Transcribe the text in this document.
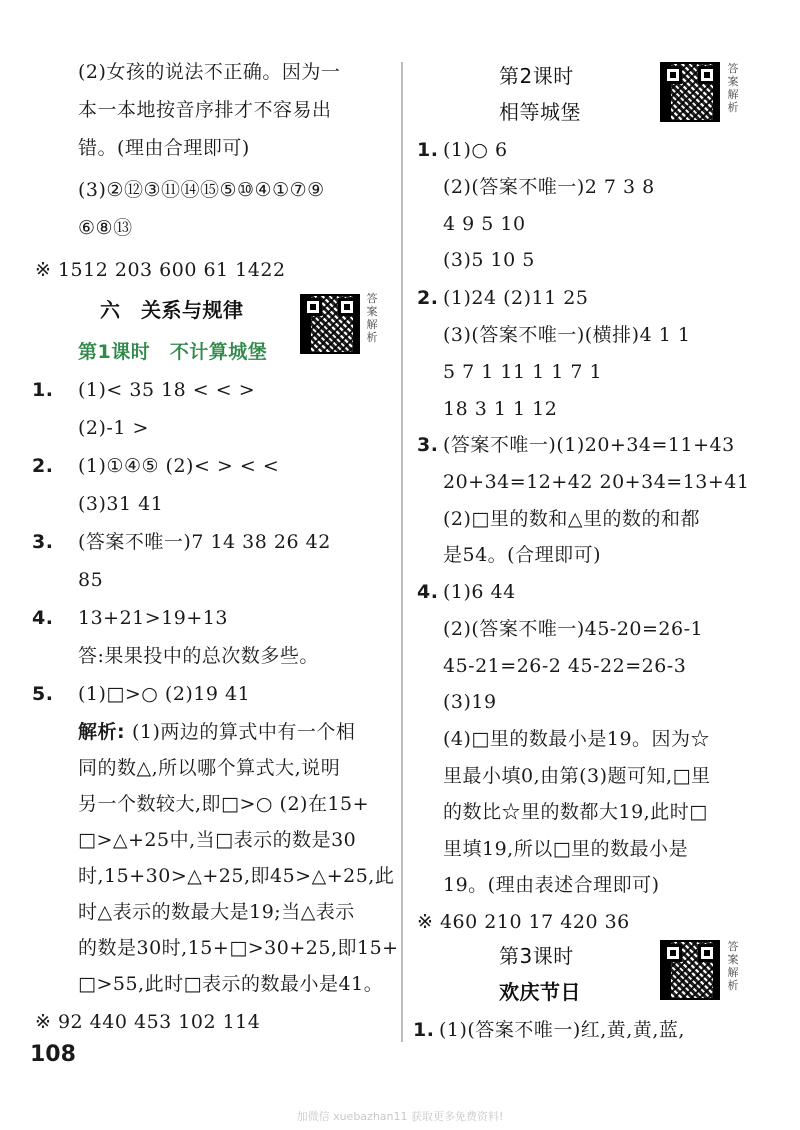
(2)女孩的说法不正确。因为一
本一本地按音序排才不容易出
错。(理由合理即可)
(3)②⑫③⑪⑭⑮⑤⑩④①⑦⑨
⑥⑧⑬
※ 1512 203 600 61 1422
六　关系与规律	答案解析
第1课时　不计算城堡
1. (1)< 35 18 < < >
(2)-1 >
2. (1)①④⑤ (2)< > < <
(3)31 41
3. (答案不唯一)7 14 38 26 42
85
4. 13+21>19+13
答:果果投中的总次数多些。
5. (1)□>○ (2)19 41
解析: (1)两边的算式中有一个相
同的数△,所以哪个算式大,说明
另一个数较大,即□>○ (2)在15+
□>△+25中,当□表示的数是30
时,15+30>△+25,即45>△+25,此
时△表示的数最大是19;当△表示
的数是30时,15+□>30+25,即15+
□>55,此时□表示的数最小是41。
※ 92 440 453 102 114
第2课时
相等城堡
答案解析
1. (1)○ 6
(2)(答案不唯一)2 7 3 8
4 9 5 10
(3)5 10 5
2. (1)24 (2)11 25
(3)(答案不唯一)(横排)4 1 1
5 7 1 11 1 1 7 1
18 3 1 1 12
3. (答案不唯一)(1)20+34=11+43
20+34=12+42 20+34=13+41
(2)□里的数和△里的数的和都
是54。(合理即可)
4. (1)6 44
(2)(答案不唯一)45-20=26-1
45-21=26-2 45-22=26-3
(3)19
(4)□里的数最小是19。因为☆
里最小填0,由第(3)题可知,□里
的数比☆里的数都大19,此时□
里填19,所以□里的数最小是
19。(理由表述合理即可)
※ 460 210 17 420 36
第3课时
欢庆节日
答案解析
1. (1)(答案不唯一)红,黄,黄,蓝,
108
加微信 xuebazhan11 获取更多免费资料!
